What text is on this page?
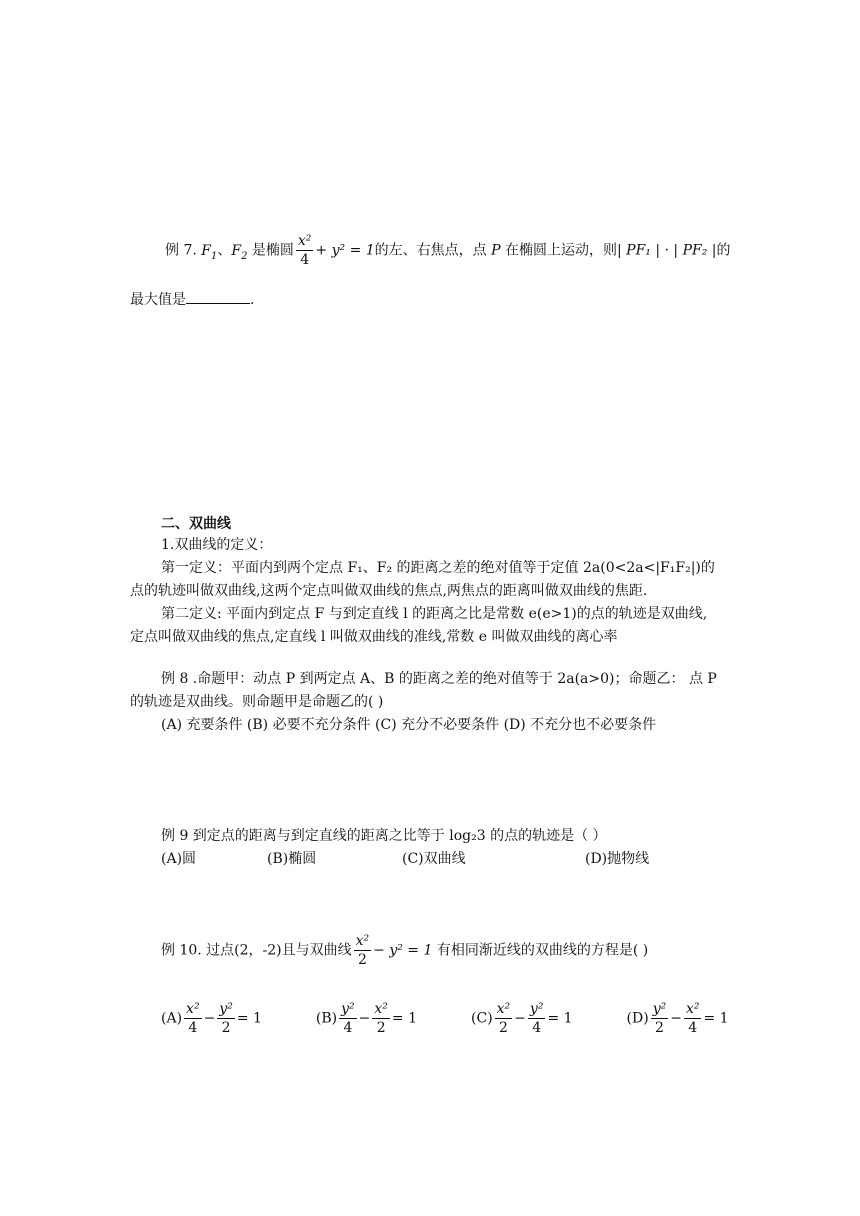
例 7. $F_1$、$F_2$ 是椭圆 $\frac{\text{x²}}{4} + y^2 = 1$的左、右焦点，点 P 在椭圆上运动，则| PF₁ | · | PF₂ |的
最大值是	.
二、双曲线
1.双曲线的定义：
第一定义：平面内到两个定点 F₁、F₂ 的距离之差的绝对值等于定值 2a(0<2a<|F₁F₂|)的
点的轨迹叫做双曲线,这两个定点叫做双曲线的焦点,两焦点的距离叫做双曲线的焦距.
第二定义: 平面内到定点 F 与到定直线 l 的距离之比是常数 e(e>1)的点的轨迹是双曲线,
定点叫做双曲线的焦点,定直线 l 叫做双曲线的准线,常数 e 叫做双曲线的离心率
例 8 .命题甲：动点 P 到两定点 A、B 的距离之差的绝对值等于 2a(a>0)；命题乙： 点 P
的轨迹是双曲线。则命题甲是命题乙的( )
(A) 充要条件 (B) 必要不充分条件 (C) 充分不必要条件 (D) 不充分也不必要条件
例 9 到定点的距离与到定直线的距离之比等于 log₂3 的点的轨迹是（ ）
(A)圆	(B)椭圆	(C)双曲线	(D)抛物线
例 10. 过点(2，-2)且与双曲线 $\frac{\text{x²}}{2} - y^2 = 1$ 有相同渐近线的双曲线的方程是( )
$(A) \frac{\text{x²}}{4} - \frac{\text{y²}}{2} = 1$	$(B) \frac{\text{y²}}{4} - \frac{\text{x²}}{2} = 1$	$(C) \frac{\text{x²}}{2} - \frac{\text{y²}}{4} = 1$	$(D) \frac{\text{y²}}{2} - \frac{\text{x²}}{4} = 1$
